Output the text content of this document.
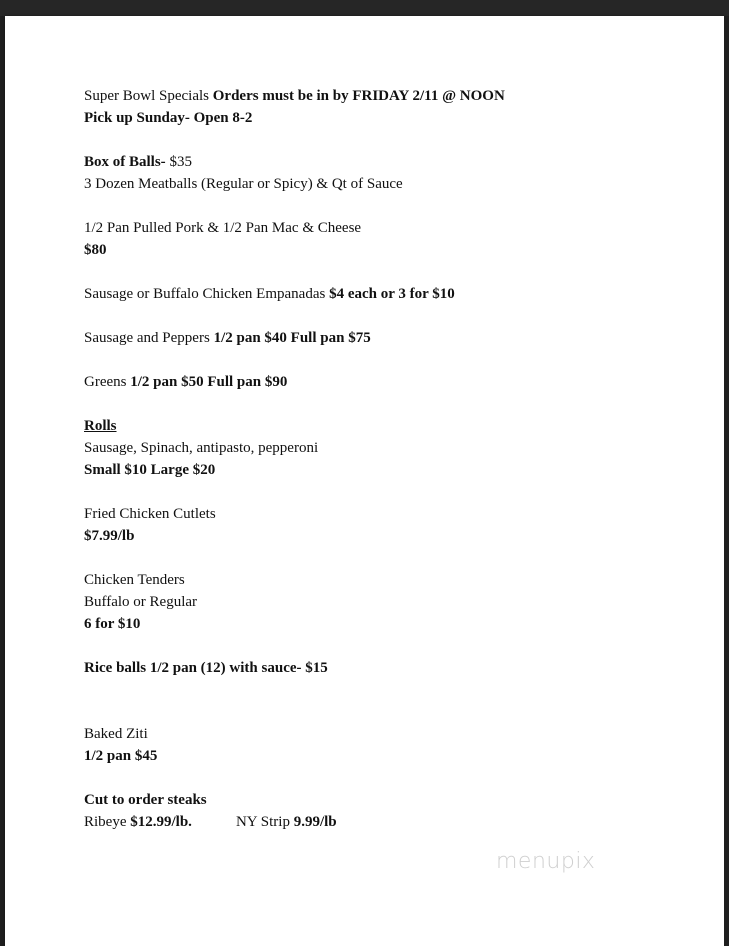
Super Bowl Specials Orders must be in by FRIDAY 2/11 @ NOON
Pick up Sunday- Open 8-2
Box of Balls- $35
3 Dozen Meatballs (Regular or Spicy) & Qt of Sauce
1/2 Pan Pulled Pork & 1/2 Pan Mac & Cheese
$80
Sausage or Buffalo Chicken Empanadas $4 each or 3 for $10
Sausage and Peppers 1/2 pan $40 Full pan $75
Greens 1/2 pan $50 Full pan $90
Rolls
Sausage, Spinach, antipasto, pepperoni
Small $10 Large $20
Fried Chicken Cutlets
$7.99/lb
Chicken Tenders
Buffalo or Regular
6 for $10
Rice balls 1/2 pan (12) with sauce- $15
Baked Ziti
1/2 pan $45
Cut to order steaks
Ribeye $12.99/lb.	NY Strip 9.99/lb
menupix
